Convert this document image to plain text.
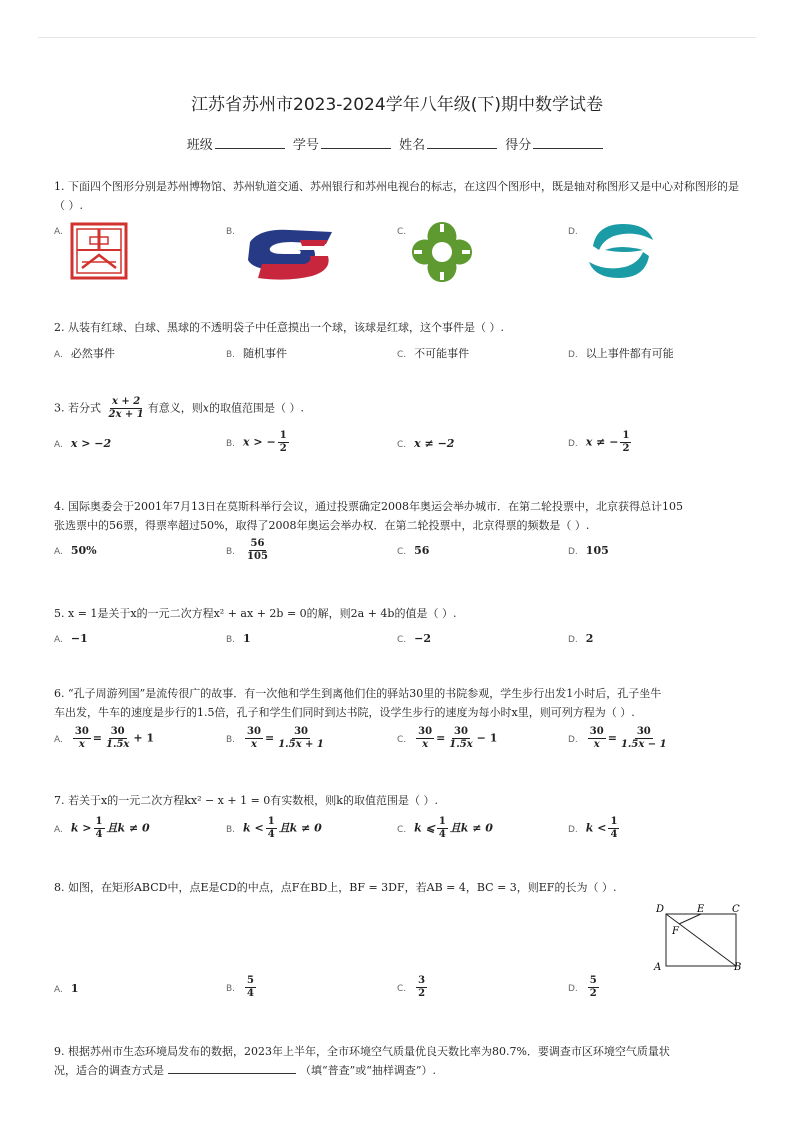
江苏省苏州市2023-2024学年八年级(下)期中数学试卷
班级	学号	姓名	得分
1. 下面四个图形分别是苏州博物馆、苏州轨道交通、苏州银行和苏州电视台的标志，在这四个图形中，既是轴对称图形又是中心对称图形的是（ ）.
A.	B.	C.	D.
2. 从装有红球、白球、黑球的不透明袋子中任意摸出一个球，该球是红球，这个事件是（ ）.
A. 必然事件	B. 随机事件	C. 不可能事件	D. 以上事件都有可能
3. 若分式 $\frac{x + 2}{2x + 1}$ 有意义，则x的取值范围是（ ）.
A. x > −2	B. x > − $\frac{1}{2}$	C. x ≠ −2	D. x ≠ − $\frac{1}{2}$
4. 国际奥委会于2001年7月13日在莫斯科举行会议，通过投票确定2008年奥运会举办城市．在第二轮投票中，北京获得总计105
张选票中的56票，得票率超过50%，取得了2008年奥运会举办权．在第二轮投票中，北京得票的频数是（ ）.
A. 50%	B. $\frac{56}{105}$	C. 56	D. 105
5. x = 1是关于x的一元二次方程x² + ax + 2b = 0的解，则2a + 4b的值是（ ）.
A. −1	B. 1	C. −2	D. 2
6. “孔子周游列国”是流传很广的故事．有一次他和学生到离他们住的驿站30里的书院参观，学生步行出发1小时后，孔子坐牛
车出发，牛车的速度是步行的1.5倍，孔子和学生们同时到达书院，设学生步行的速度为每小时x里，则可列方程为（ ）.
A. $\frac{30}{x} = \frac{30}{1.5x} + 1$	B. $\frac{30}{x} = \frac{30}{1.5x + 1}$	C. $\frac{30}{x} = \frac{30}{1.5x} - 1$	D. $\frac{30}{x} = \frac{30}{1.5x - 1}$
7. 若关于x的一元二次方程kx² − x + 1 = 0有实数根，则k的取值范围是（ ）.
A. $k > \frac{1}{4}$ 且k ≠ 0	B. $k < \frac{1}{4}$ 且k ≠ 0	C. k ⩽ $\frac{1}{4}$ 且k ≠ 0	D. $k < \frac{1}{4}$
8. 如图，在矩形ABCD中，点E是CD的中点，点F在BD上，BF = 3DF，若AB = 4，BC = 3，则EF的长为（ ）.
D	E	C
F
A	B
A. 1	B. $\frac{5}{4}$	C. $\frac{3}{2}$	D. $\frac{5}{2}$
9. 根据苏州市生态环境局发布的数据，2023年上半年，全市环境空气质量优良天数比率为80.7%．要调查市区环境空气质量状
况，适合的调查方式是	（填“普查”或“抽样调查”）.
